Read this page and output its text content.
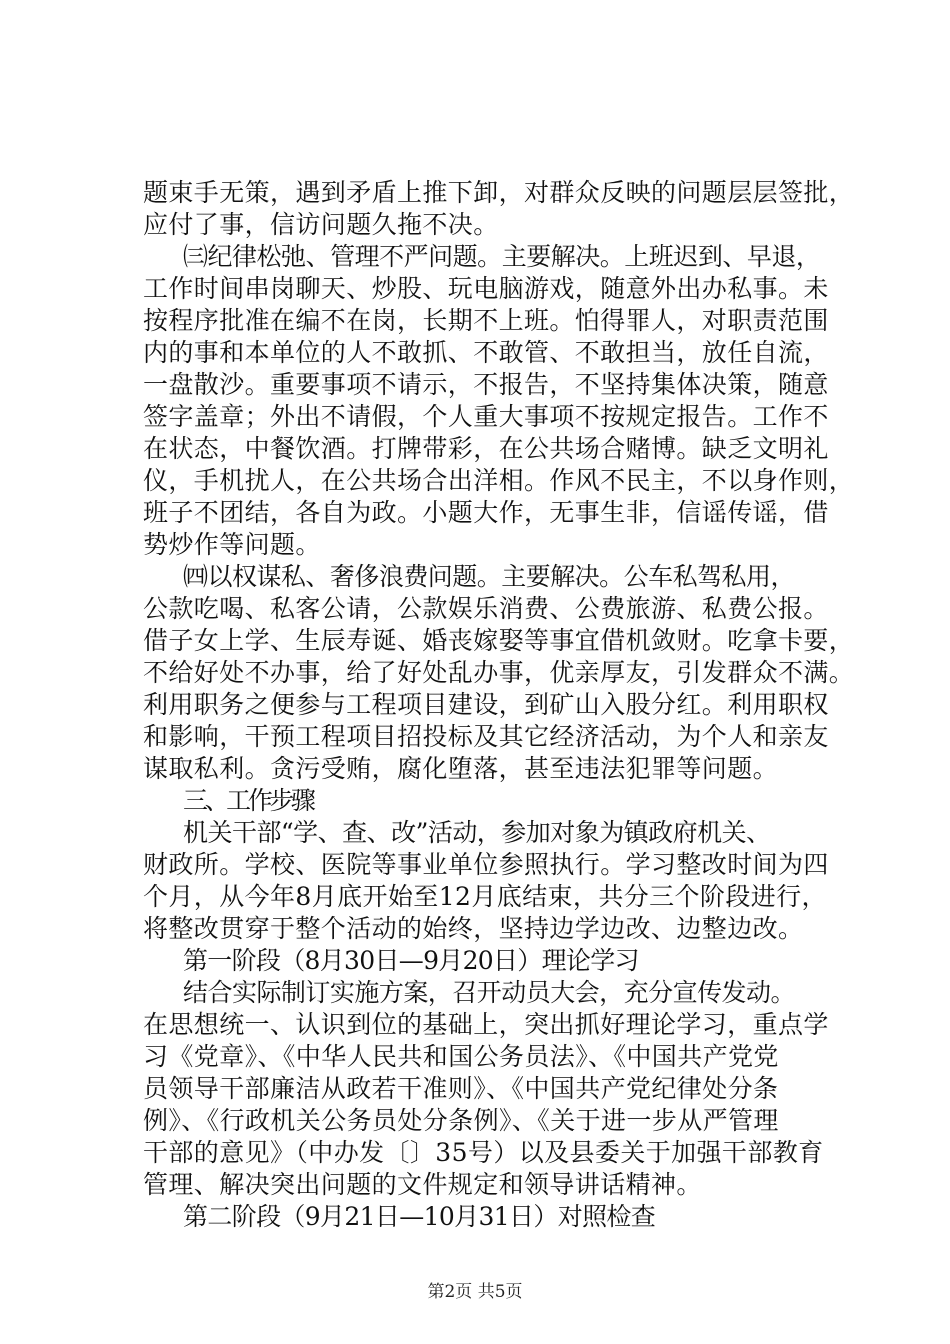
题束手无策，遇到矛盾上推下卸，对群众反映的问题层层签批，
应付了事，信访问题久拖不决。
㈢纪律松弛、管理不严问题。主要解决。上班迟到、早退，
工作时间串岗聊天、炒股、玩电脑游戏，随意外出办私事。未
按程序批准在编不在岗，长期不上班。怕得罪人，对职责范围
内的事和本单位的人不敢抓、不敢管、不敢担当，放任自流，
一盘散沙。重要事项不请示，不报告，不坚持集体决策，随意
签字盖章；外出不请假，个人重大事项不按规定报告。工作不
在状态，中餐饮酒。打牌带彩，在公共场合赌博。缺乏文明礼
仪，手机扰人，在公共场合出洋相。作风不民主，不以身作则，
班子不团结，各自为政。小题大作，无事生非，信谣传谣，借
势炒作等问题。
㈣以权谋私、奢侈浪费问题。主要解决。公车私驾私用，
公款吃喝、私客公请，公款娱乐消费、公费旅游、私费公报。
借子女上学、生辰寿诞、婚丧嫁娶等事宜借机敛财。吃拿卡要，
不给好处不办事，给了好处乱办事，优亲厚友，引发群众不满。
利用职务之便参与工程项目建设，到矿山入股分红。利用职权
和影响，干预工程项目招投标及其它经济活动，为个人和亲友
谋取私利。贪污受贿，腐化堕落，甚至违法犯罪等问题。
三、工作步骤
机关干部“学、查、改”活动，参加对象为镇政府机关、
财政所。学校、医院等事业单位参照执行。学习整改时间为四
个月，从今年8月底开始至12月底结束，共分三个阶段进行，
将整改贯穿于整个活动的始终，坚持边学边改、边整边改。
第一阶段（8月30日—9月20日）理论学习
结合实际制订实施方案，召开动员大会，充分宣传发动。
在思想统一、认识到位的基础上，突出抓好理论学习，重点学
习《党章》、《中华人民共和国公务员法》、《中国共产党党
员领导干部廉洁从政若干准则》、《中国共产党纪律处分条
例》、《行政机关公务员处分条例》、《关于进一步从严管理
干部的意见》（中办发〔〕35号）以及县委关于加强干部教育
管理、解决突出问题的文件规定和领导讲话精神。
第二阶段（9月21日—10月31日）对照检查
第2页 共5页
